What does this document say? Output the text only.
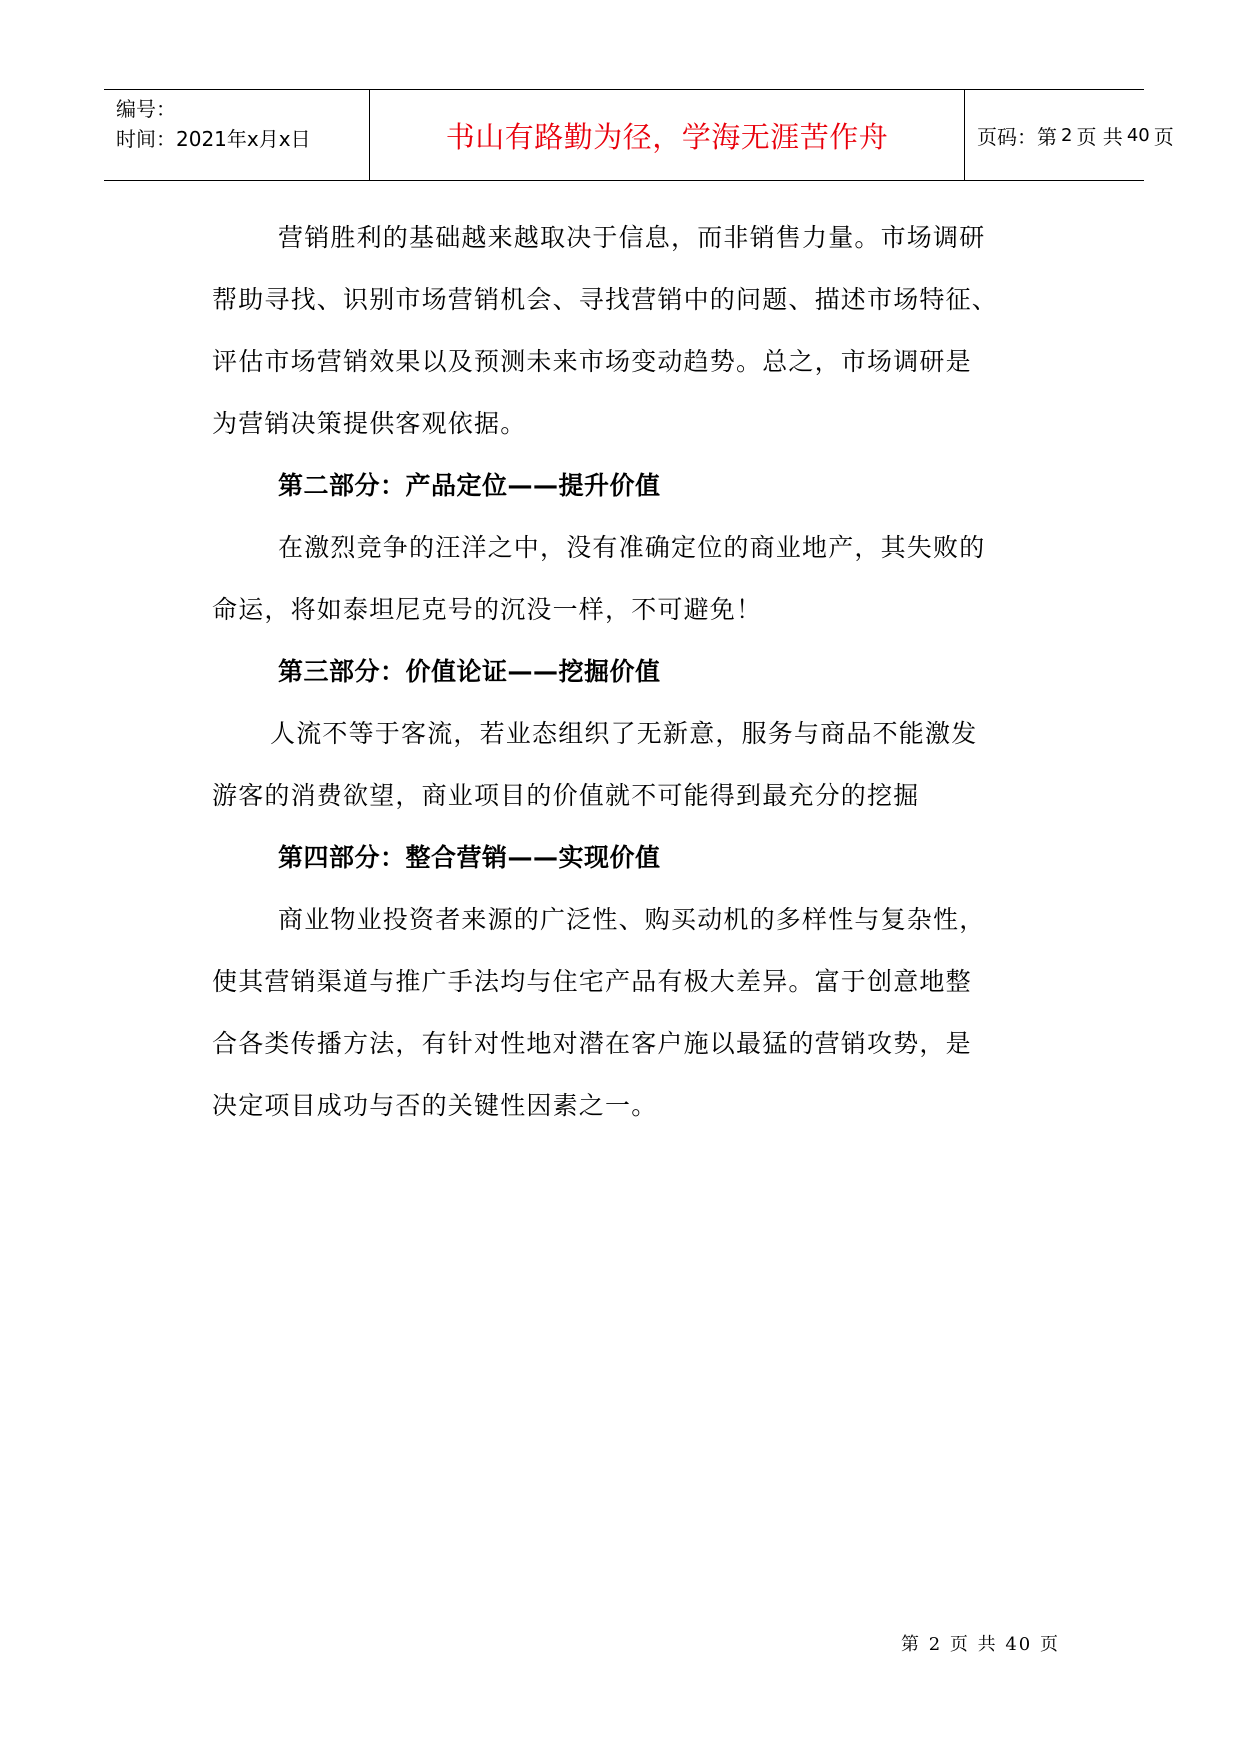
编号：
时间：2021年x月x日	书山有路勤为径，学海无涯苦作舟	页码：第 2 页 共 40 页
营销胜利的基础越来越取决于信息，而非销售力量。市场调研
帮助寻找、识别市场营销机会、寻找营销中的问题、描述市场特征、
评估市场营销效果以及预测未来市场变动趋势。总之，市场调研是
为营销决策提供客观依据。
第二部分：产品定位——提升价值
在激烈竞争的汪洋之中，没有准确定位的商业地产，其失败的
命运，将如泰坦尼克号的沉没一样，不可避免！
第三部分：价值论证——挖掘价值
人流不等于客流，若业态组织了无新意，服务与商品不能激发
游客的消费欲望，商业项目的价值就不可能得到最充分的挖掘
第四部分：整合营销——实现价值
商业物业投资者来源的广泛性、购买动机的多样性与复杂性，
使其营销渠道与推广手法均与住宅产品有极大差异。富于创意地整
合各类传播方法，有针对性地对潜在客户施以最猛的营销攻势，是
决定项目成功与否的关键性因素之一。
第 2 页 共 40 页
